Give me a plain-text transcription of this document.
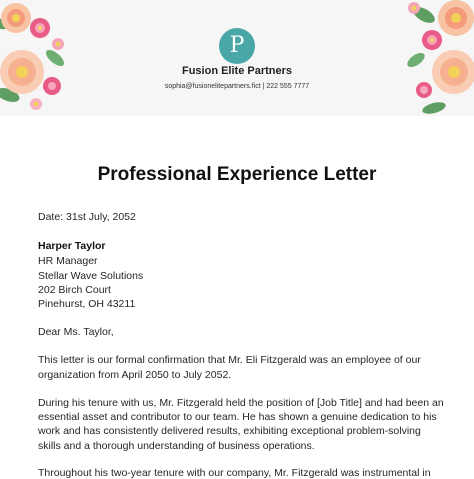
P
Fusion Elite Partners
sophia@fusionelitepartners.fict | 222 555 7777
Professional Experience Letter
Date: 31st July, 2052
Harper Taylor
HR Manager
Stellar Wave Solutions
202 Birch Court
Pinehurst, OH 43211
Dear Ms. Taylor,
This letter is our formal confirmation that Mr. Eli Fitzgerald was an employee of our
organization from April 2050 to July 2052.
During his tenure with us, Mr. Fitzgerald held the position of [Job Title] and had been an
essential asset and contributor to our team. He has shown a genuine dedication to his
work and has consistently delivered results, exhibiting exceptional problem-solving
skills and a thorough understanding of business operations.
Throughout his two-year tenure with our company, Mr. Fitzgerald was instrumental in
